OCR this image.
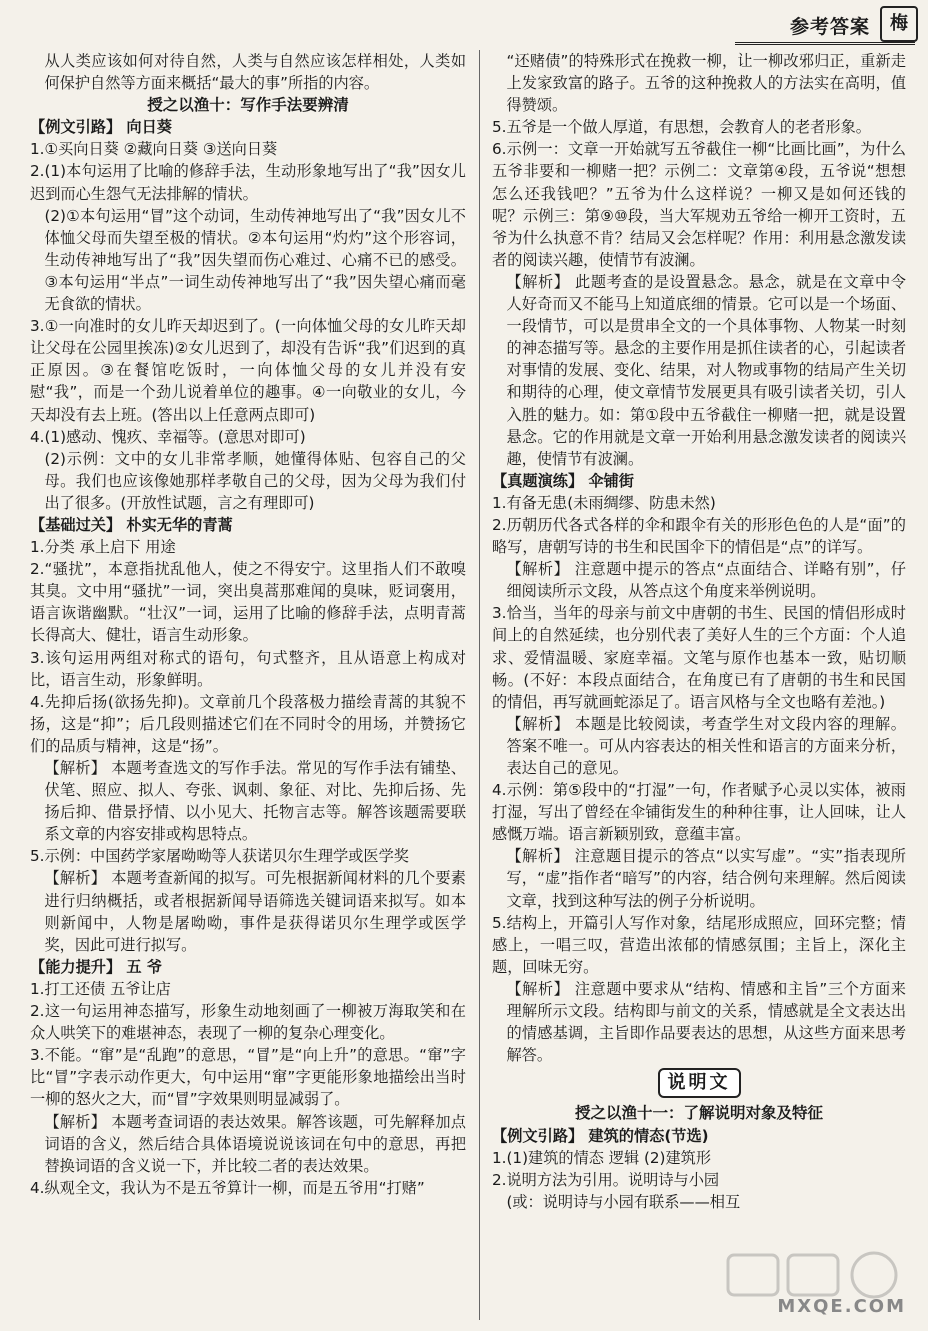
参考答案	梅

从人类应该如何对待自然，人类与自然应该怎样相处，人类如何保护自然等方面来概括“最大的事”所指的内容。

授之以渔十：写作手法要辨清

【例文引路】 向日葵

1.①买向日葵 ②藏向日葵 ③送向日葵

2.(1)本句运用了比喻的修辞手法，生动形象地写出了“我”因女儿迟到而心生怨气无法排解的情状。

(2)①本句运用“冒”这个动词，生动传神地写出了“我”因女儿不体恤父母而失望至极的情状。②本句运用“灼灼”这个形容词，生动传神地写出了“我”因失望而伤心难过、心痛不已的感受。③本句运用“半点”一词生动传神地写出了“我”因失望心痛而毫无食欲的情状。

3.①一向准时的女儿昨天却迟到了。(一向体恤父母的女儿昨天却让父母在公园里挨冻)②女儿迟到了，却没有告诉“我”们迟到的真正原因。③在餐馆吃饭时，一向体恤父母的女儿并没有安慰“我”，而是一个劲儿说着单位的趣事。④一向敬业的女儿，今天却没有去上班。(答出以上任意两点即可)

4.(1)感动、愧疚、幸福等。(意思对即可)

(2)示例：文中的女儿非常孝顺，她懂得体贴、包容自己的父母。我们也应该像她那样孝敬自己的父母，因为父母为我们付出了很多。(开放性试题，言之有理即可)

【基础过关】 朴实无华的青蒿

1.分类 承上启下 用途

2.“骚扰”，本意指扰乱他人，使之不得安宁。这里指人们不敢嗅其臭。文中用“骚扰”一词，突出臭蒿那难闻的臭味，贬词褒用，语言诙谐幽默。“壮汉”一词，运用了比喻的修辞手法，点明青蒿长得高大、健壮，语言生动形象。

3.该句运用两组对称式的语句，句式整齐，且从语意上构成对比，语言生动，形象鲜明。

4.先抑后扬(欲扬先抑)。文章前几个段落极力描绘青蒿的其貌不扬，这是“抑”；后几段则描述它们在不同时令的用场，并赞扬它们的品质与精神，这是“扬”。

【解析】 本题考查选文的写作手法。常见的写作手法有铺垫、伏笔、照应、拟人、夸张、讽刺、象征、对比、先抑后扬、先扬后抑、借景抒情、以小见大、托物言志等。解答该题需要联系文章的内容安排或构思特点。

5.示例：中国药学家屠呦呦等人获诺贝尔生理学或医学奖

【解析】 本题考查新闻的拟写。可先根据新闻材料的几个要素进行归纳概括，或者根据新闻导语筛选关键词语来拟写。如本则新闻中，人物是屠呦呦，事件是获得诺贝尔生理学或医学奖，因此可进行拟写。

【能力提升】 五 爷

1.打工还债 五爷让店

2.这一句运用神态描写，形象生动地刻画了一柳被万海取笑和在众人哄笑下的难堪神态，表现了一柳的复杂心理变化。

3.不能。“窜”是“乱跑”的意思，“冒”是“向上升”的意思。“窜”字比“冒”字表示动作更大，句中运用“窜”字更能形象地描绘出当时一柳的怒火之大，而“冒”字效果则明显减弱了。

【解析】 本题考查词语的表达效果。解答该题，可先解释加点词语的含义，然后结合具体语境说说该词在句中的意思，再把替换词语的含义说一下，并比较二者的表达效果。

4.纵观全文，我认为不是五爷算计一柳，而是五爷用“打赌”

“还赌债”的特殊形式在挽救一柳，让一柳改邪归正，重新走上发家致富的路子。五爷的这种挽救人的方法实在高明，值得赞颂。

5.五爷是一个做人厚道，有思想，会教育人的老者形象。

6.示例一：文章一开始就写五爷截住一柳“比画比画”，为什么五爷非要和一柳赌一把？示例二：文章第④段，五爷说“想想怎么还我钱吧？”五爷为什么这样说？一柳又是如何还钱的呢？示例三：第⑨⑩段，当大军规劝五爷给一柳开工资时，五爷为什么执意不肯？结局又会怎样呢？作用：利用悬念激发读者的阅读兴趣，使情节有波澜。

【解析】 此题考查的是设置悬念。悬念，就是在文章中令人好奇而又不能马上知道底细的情景。它可以是一个场面、一段情节，可以是贯串全文的一个具体事物、人物某一时刻的神态描写等。悬念的主要作用是抓住读者的心，引起读者对事情的发展、变化、结果，对人物或事物的结局产生关切和期待的心理，使文章情节发展更具有吸引读者关切，引人入胜的魅力。如：第①段中五爷截住一柳赌一把，就是设置悬念。它的作用就是文章一开始利用悬念激发读者的阅读兴趣，使情节有波澜。

【真题演练】 伞铺街

1.有备无患(未雨绸缪、防患未然)

2.历朝历代各式各样的伞和跟伞有关的形形色色的人是“面”的略写，唐朝写诗的书生和民国伞下的情侣是“点”的详写。

【解析】 注意题中提示的答点“点面结合、详略有别”，仔细阅读所示文段，从答点这个角度来举例说明。

3.恰当，当年的母亲与前文中唐朝的书生、民国的情侣形成时间上的自然延续，也分别代表了美好人生的三个方面：个人追求、爱情温暖、家庭幸福。文笔与原作也基本一致，贴切顺畅。(不好：本段点面结合，在角度已有了唐朝的书生和民国的情侣，再写就画蛇添足了。语言风格与全文也略有差池。)

【解析】 本题是比较阅读，考查学生对文段内容的理解。答案不唯一。可从内容表达的相关性和语言的方面来分析，表达自己的意见。

4.示例：第⑤段中的“打湿”一句，作者赋予心灵以实体，被雨打湿，写出了曾经在伞铺街发生的种种往事，让人回味，让人感慨万端。语言新颖别致，意蕴丰富。

【解析】 注意题目提示的答点“以实写虚”。“实”指表现所写，“虚”指作者“暗写”的内容，结合例句来理解。然后阅读文章，找到这种写法的例子分析说明。

5.结构上，开篇引人写作对象，结尾形成照应，回环完整；情感上，一唱三叹，营造出浓郁的情感氛围；主旨上，深化主题，回味无穷。

【解析】 注意题中要求从“结构、情感和主旨”三个方面来理解所示文段。结构即与前文的关系，情感就是全文表达出的情感基调，主旨即作品要表达的思想，从这些方面来思考解答。

说明文

授之以渔十一：了解说明对象及特征

【例文引路】 建筑的情态(节选)

1.(1)建筑的情态 逻辑 (2)建筑形

2.说明方法为引用。说明诗与小园

(或：说明诗与小园有联系——相互

MXQE.COM
